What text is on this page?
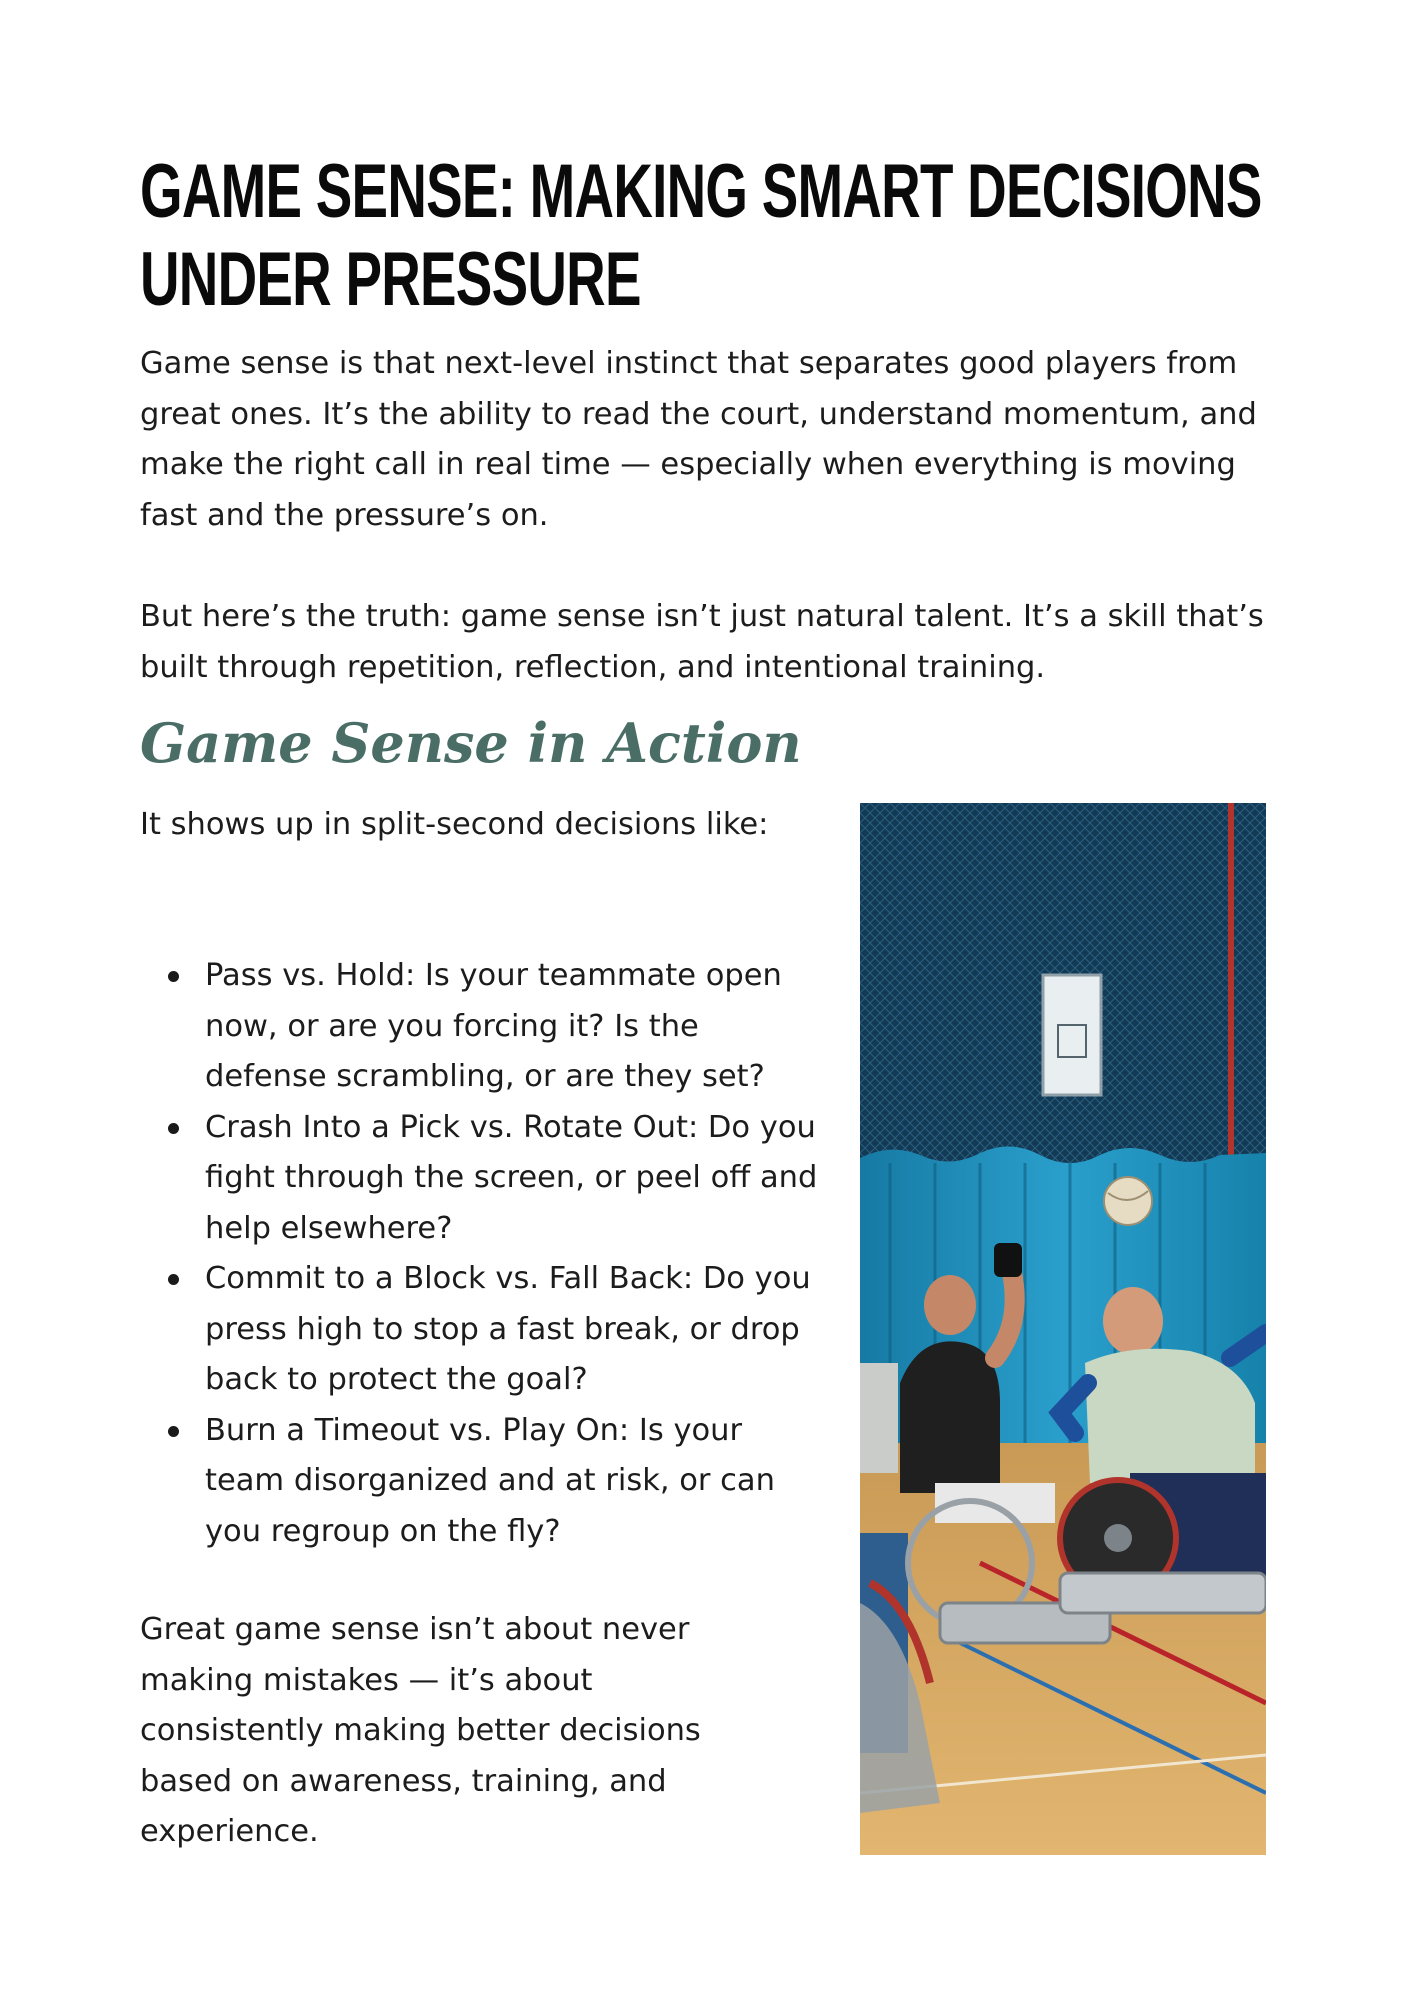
GAME SENSE: MAKING SMART DECISIONS UNDER PRESSURE

Game sense is that next-level instinct that separates good players from great ones. It’s the ability to read the court, understand momentum, and make the right call in real time — especially when everything is moving fast and the pressure’s on.

But here’s the truth: game sense isn’t just natural talent. It’s a skill that’s built through repetition, reflection, and intentional training.

Game Sense in Action

It shows up in split-second decisions like:

Pass vs. Hold: Is your teammate open now, or are you forcing it? Is the defense scrambling, or are they set?
Crash Into a Pick vs. Rotate Out: Do you fight through the screen, or peel off and help elsewhere?
Commit to a Block vs. Fall Back: Do you press high to stop a fast break, or drop back to protect the goal?
Burn a Timeout vs. Play On: Is your team disorganized and at risk, or can you regroup on the fly?

Great game sense isn’t about never making mistakes — it’s about consistently making better decisions based on awareness, training, and experience.
